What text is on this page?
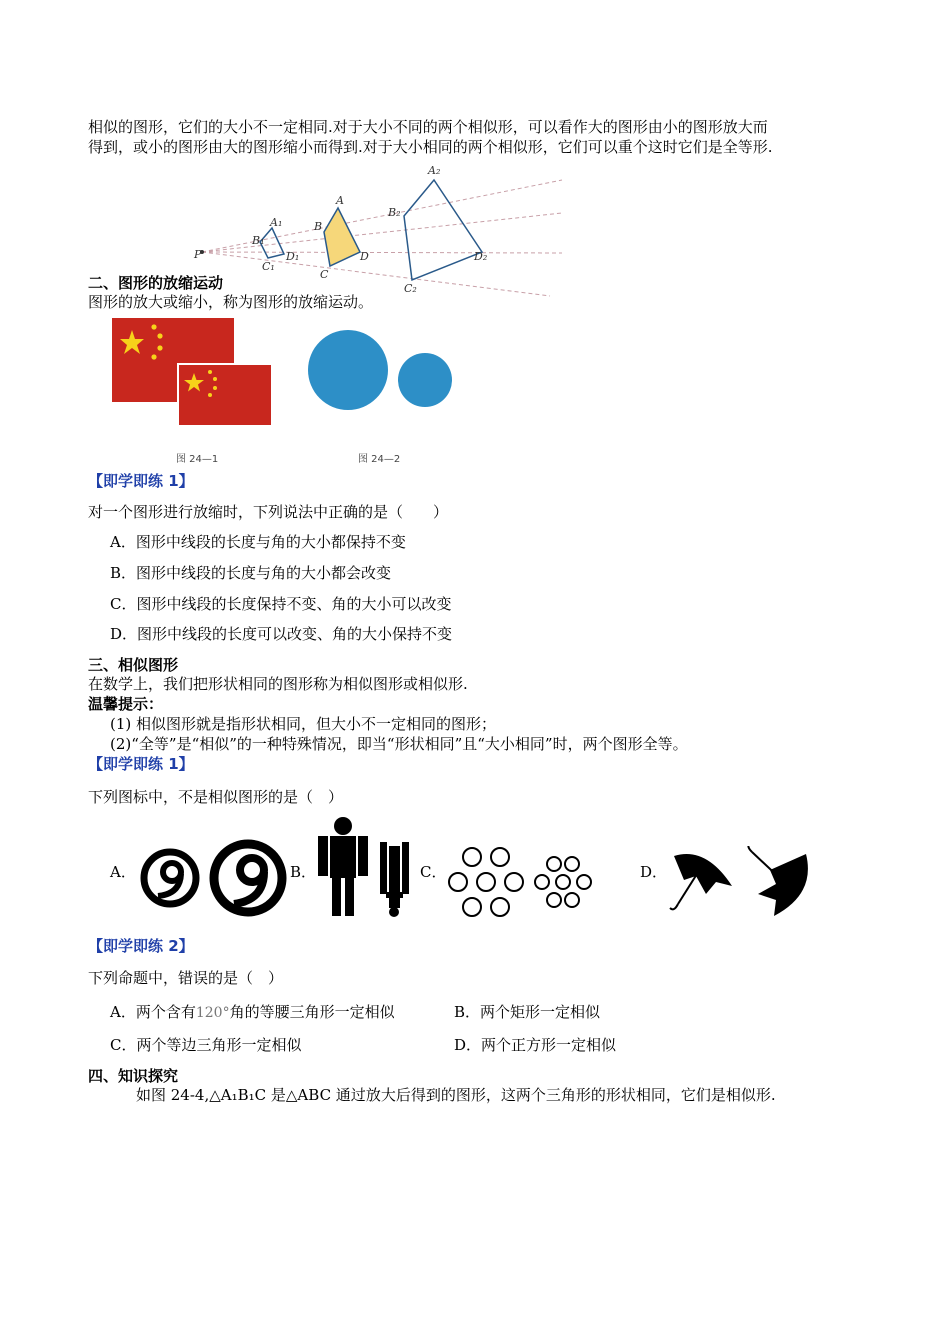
相似的图形，它们的大小不一定相同.对于大小不同的两个相似形，可以看作大的图形由小的图形放大而
得到，或小的图形由大的图形缩小而得到.对于大小相同的两个相似形，它们可以重个这时它们是全等形.
P
A₁
B₁
C₁
D₁
A
B
C
D
A₂
B₂
C₂
D₂
二、图形的放缩运动
图形的放大或缩小，称为图形的放缩运动。
图 24—1	图 24—2
【即学即练 1】
对一个图形进行放缩时，下列说法中正确的是（　　）
A．图形中线段的长度与角的大小都保持不变
B．图形中线段的长度与角的大小都会改变
C．图形中线段的长度保持不变、角的大小可以改变
D．图形中线段的长度可以改变、角的大小保持不变
三、相似图形
在数学上，我们把形状相同的图形称为相似图形或相似形.
温馨提示：
(1) 相似图形就是指形状相同，但大小不一定相同的图形；
(2)“全等”是“相似”的一种特殊情况，即当“形状相同”且“大小相同”时，两个图形全等。
【即学即练 1】
下列图标中，不是相似图形的是（　）
A．	B．	C．	D．
【即学即练 2】
下列命题中，错误的是（　）
A．两个含有120°角的等腰三角形一定相似	B．两个矩形一定相似
C．两个等边三角形一定相似	D．两个正方形一定相似
四、知识探究
如图 24-4,△A₁B₁C 是△ABC 通过放大后得到的图形，这两个三角形的形状相同，它们是相似形.
